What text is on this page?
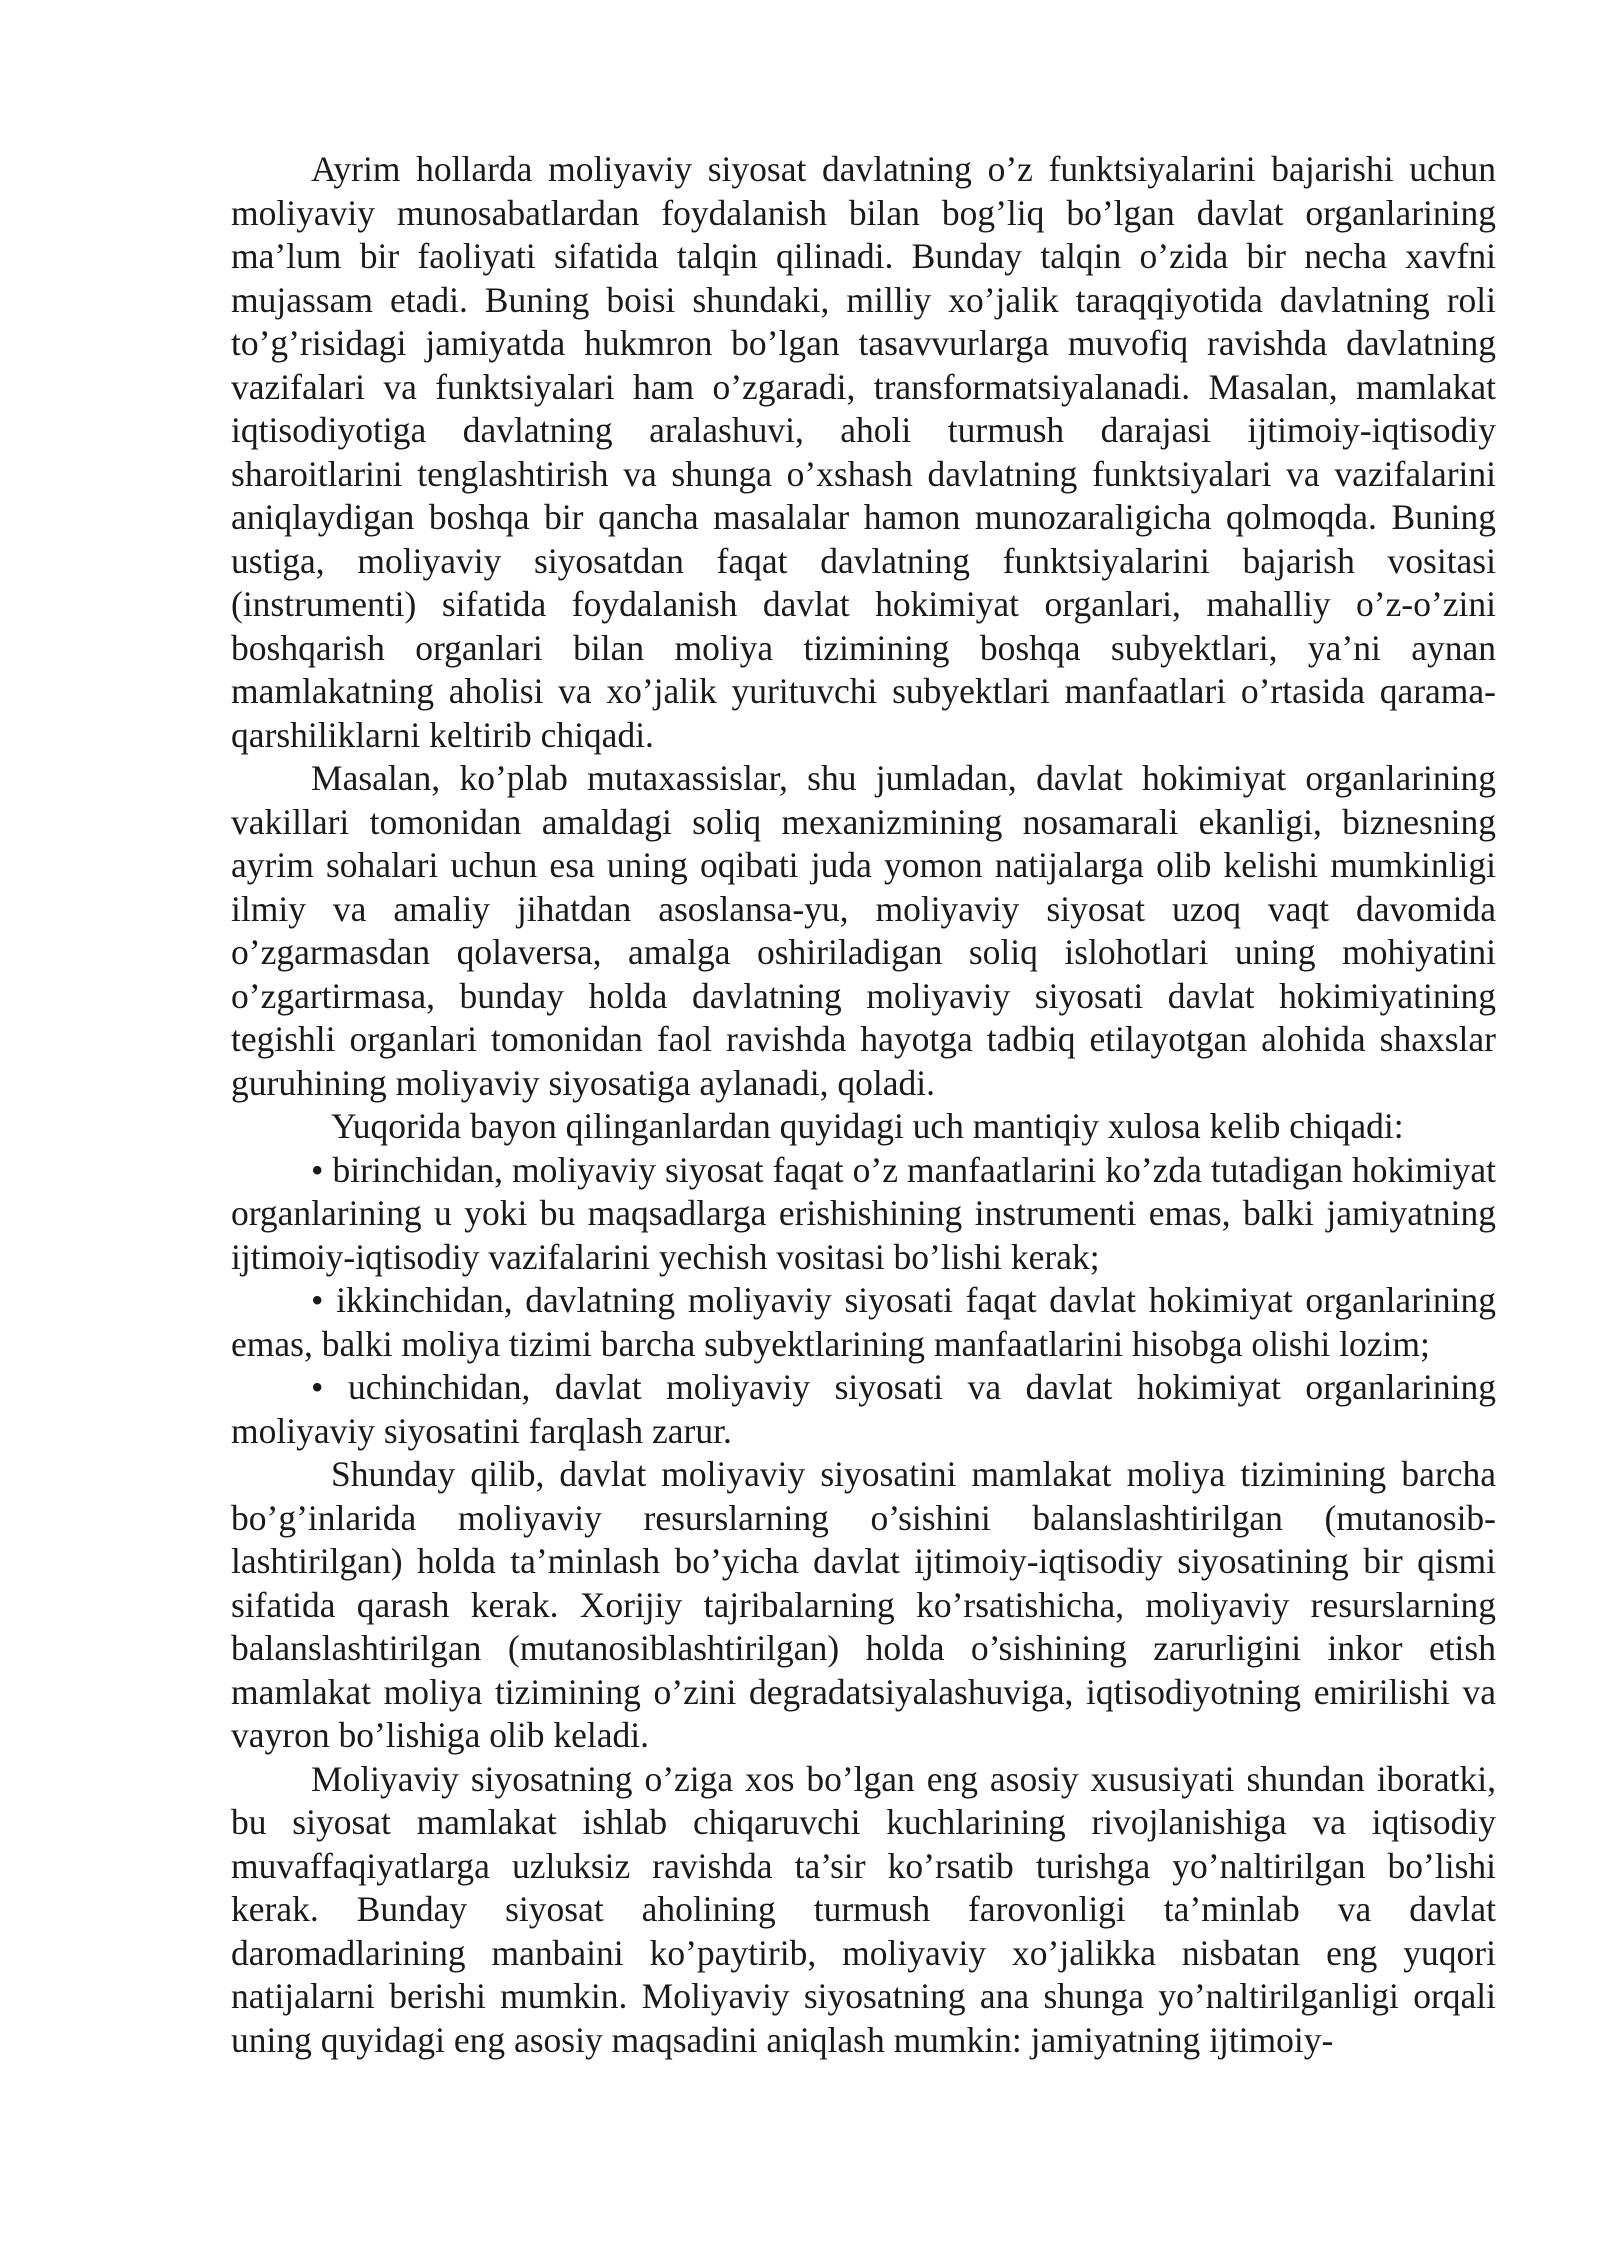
Ayrim hollarda moliyaviy siyosat davlatning o’z funktsiyalarini bajarishi uchun moliyaviy munosabatlardan foydalanish bilan bog’liq bo’lgan davlat organlarining ma’lum bir faoliyati sifatida talqin qilinadi. Bunday talqin o’zida bir necha xavfni mujassam etadi. Buning boisi shundaki, milliy xo’jalik taraqqiyotida davlatning roli to’g’risidagi jamiyatda hukmron bo’lgan tasavvurlarga muvofiq ravishda davlatning vazifalari va funktsiyalari ham o’zgaradi, transformatsiyalanadi. Masalan, mamlakat iqtisodiyotiga davlatning aralashuvi, aholi turmush darajasi ijtimoiy-iqtisodiy sharoitlarini tenglashtirish va shunga o’xshash davlatning funktsiyalari va vazifalarini aniqlaydigan boshqa bir qancha masalalar hamon munozaraligicha qolmoqda. Buning ustiga, moliyaviy siyosatdan faqat davlatning funktsiyalarini bajarish vositasi (instrumenti) sifatida foydalanish davlat hokimiyat organlari, mahalliy o’z-o’zini boshqarish organlari bilan moliya tizimining boshqa subyektlari, ya’ni aynan mamlakatning aholisi va xo’jalik yurituvchi subyektlari manfaatlari o’rtasida qarama-qarshiliklarni keltirib chiqadi.

Masalan, ko’plab mutaxassislar, shu jumladan, davlat hokimiyat organlarining vakillari tomonidan amaldagi soliq mexanizmining nosamarali ekanligi, biznesning ayrim sohalari uchun esa uning oqibati juda yomon natijalarga olib kelishi mumkinligi ilmiy va amaliy jihatdan asoslansa-yu, moliyaviy siyosat uzoq vaqt davomida o’zgarmasdan qolaversa, amalga oshiriladigan soliq islohotlari uning mohiyatini o’zgartirmasa, bunday holda davlatning moliyaviy siyosati davlat hokimiyatining tegishli organlari tomonidan faol ravishda hayotga tadbiq etilayotgan alohida shaxslar guruhining moliyaviy siyosatiga aylanadi, qoladi.

Yuqorida bayon qilinganlardan quyidagi uch mantiqiy xulosa kelib chiqadi:

• birinchidan, moliyaviy siyosat faqat o’z manfaatlarini ko’zda tutadigan hokimiyat organlarining u yoki bu maqsadlarga erishishining instrumenti emas, balki jamiyatning ijtimoiy-iqtisodiy vazifalarini yechish vositasi bo’lishi kerak;

• ikkinchidan, davlatning moliyaviy siyosati faqat davlat hokimiyat organlarining emas, balki moliya tizimi barcha subyektlarining manfaatlarini hisobga olishi lozim;

• uchinchidan, davlat moliyaviy siyosati va davlat hokimiyat organlarining moliyaviy siyosatini farqlash zarur.

Shunday qilib, davlat moliyaviy siyosatini mamlakat moliya tizimining barcha bo’g’inlarida moliyaviy resurslarning o’sishini balanslashtirilgan (mutanosib-lashtirilgan) holda ta’minlash bo’yicha davlat ijtimoiy-iqtisodiy siyosatining bir qismi sifatida qarash kerak. Xorijiy tajribalarning ko’rsatishicha, moliyaviy resurslarning balanslashtirilgan (mutanosiblashtirilgan) holda o’sishining zarurligini inkor etish mamlakat moliya tizimining o’zini degradatsiyalashuviga, iqtisodiyotning emirilishi va vayron bo’lishiga olib keladi.

Moliyaviy siyosatning o’ziga xos bo’lgan eng asosiy xususiyati shundan iboratki, bu siyosat mamlakat ishlab chiqaruvchi kuchlarining rivojlanishiga va iqtisodiy muvaffaqiyatlarga uzluksiz ravishda ta’sir ko’rsatib turishga yo’naltirilgan bo’lishi kerak. Bunday siyosat aholining turmush farovonligi ta’minlab va davlat daromadlarining manbaini ko’paytirib, moliyaviy xo’jalikka nisbatan eng yuqori natijalarni berishi mumkin. Moliyaviy siyosatning ana shunga yo’naltirilganligi orqali uning quyidagi eng asosiy maqsadini aniqlash mumkin: jamiyatning ijtimoiy-
